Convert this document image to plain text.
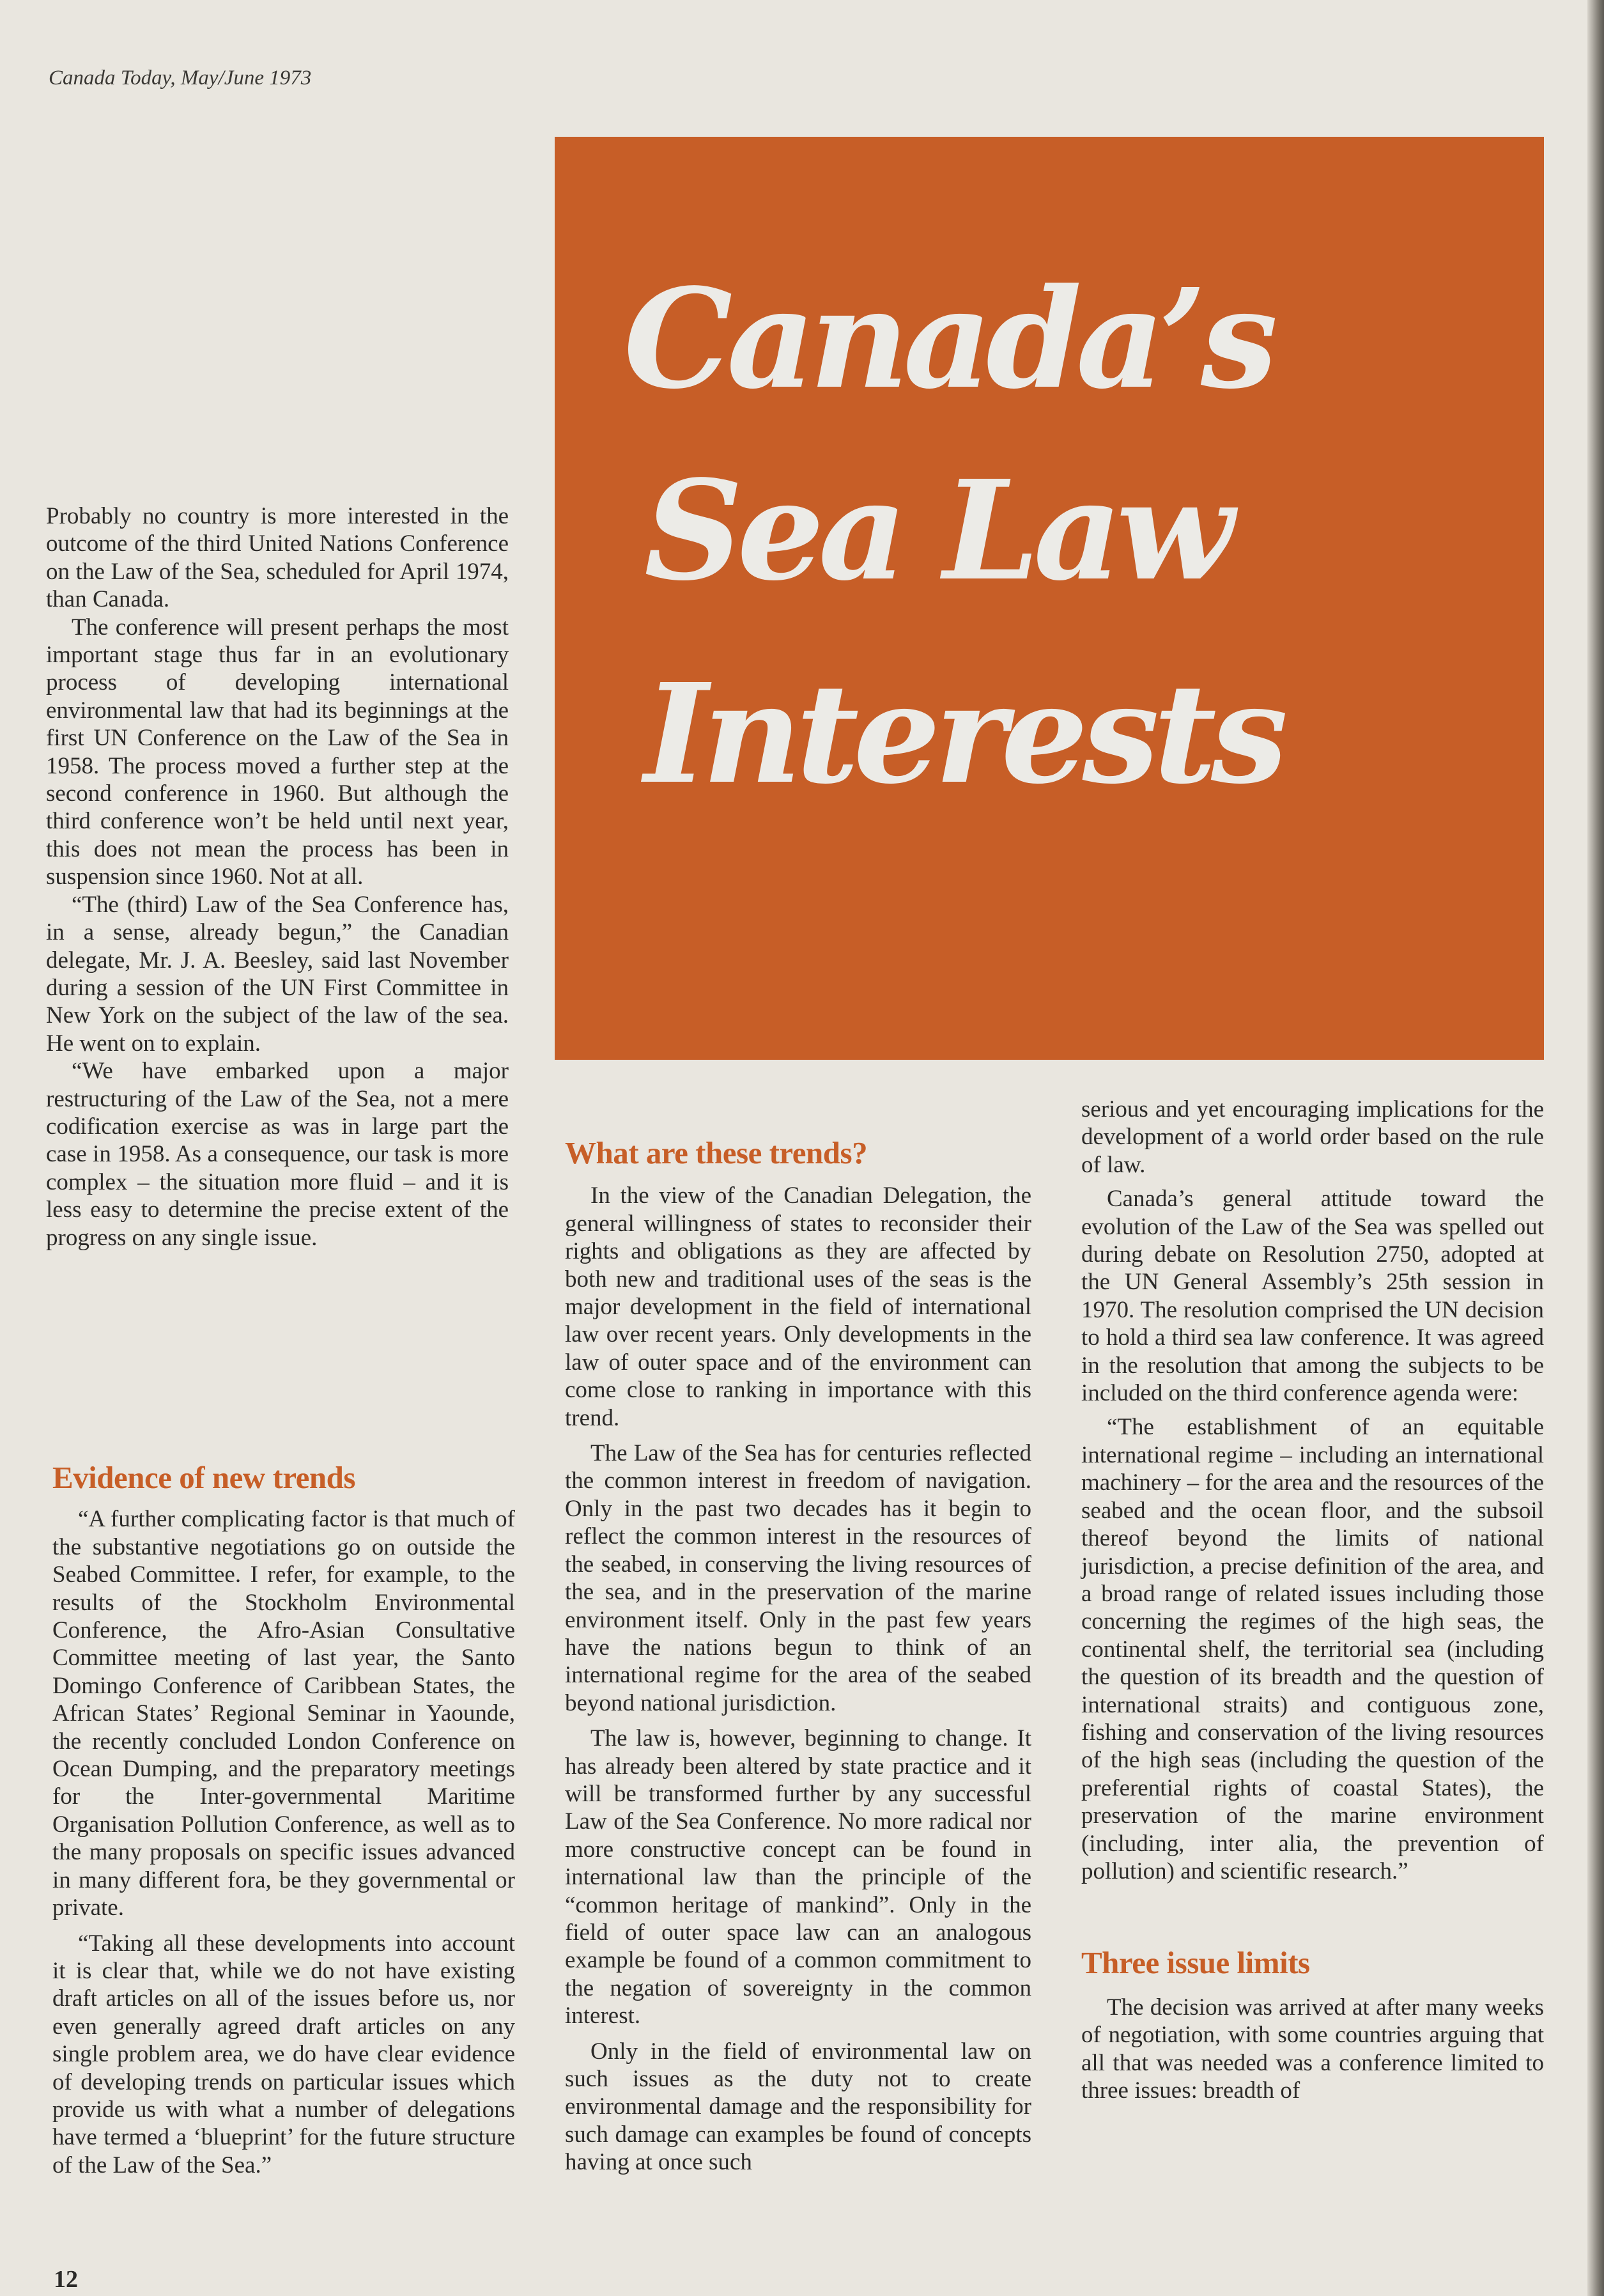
Canada Today, May/June 1973
Canada’s
Sea Law
Interests

Probably no country is more interested in the outcome of the third United Nations Conference on the Law of the Sea, scheduled for April 1974, than Canada.

The conference will present perhaps the most important stage thus far in an evolutionary process of developing international environmental law that had its beginnings at the first UN Conference on the Law of the Sea in 1958. The process moved a further step at the second conference in 1960. But although the third conference won’t be held until next year, this does not mean the process has been in suspension since 1960. Not at all.

“The (third) Law of the Sea Conference has, in a sense, already begun,” the Canadian delegate, Mr. J. A. Beesley, said last November during a session of the UN First Committee in New York on the subject of the law of the sea. He went on to explain.

“We have embarked upon a major restructuring of the Law of the Sea, not a mere codification exercise as was in large part the case in 1958. As a consequence, our task is more complex – the situation more fluid – and it is less easy to determine the precise extent of the progress on any single issue.

Evidence of new trends

“A further complicating factor is that much of the substantive negotiations go on outside the Seabed Committee. I refer, for example, to the results of the Stockholm Environmental Conference, the Afro-Asian Consultative Committee meeting of last year, the Santo Domingo Conference of Caribbean States, the African States’ Regional Seminar in Yaounde, the recently concluded London Conference on Ocean Dumping, and the preparatory meetings for the Inter-governmental Maritime Organisation Pollution Conference, as well as to the many proposals on specific issues advanced in many different fora, be they governmental or private.

“Taking all these developments into account it is clear that, while we do not have existing draft articles on all of the issues before us, nor even generally agreed draft articles on any single problem area, we do have clear evidence of developing trends on particular issues which provide us with what a number of delegations have termed a ‘blueprint’ for the future structure of the Law of the Sea.”

What are these trends?

In the view of the Canadian Delegation, the general willingness of states to reconsider their rights and obligations as they are affected by both new and traditional uses of the seas is the major development in the field of international law over recent years. Only developments in the law of outer space and of the environment can come close to ranking in importance with this trend.

The Law of the Sea has for centuries reflected the common interest in freedom of navigation. Only in the past two decades has it begin to reflect the common interest in the resources of the seabed, in conserving the living resources of the sea, and in the preservation of the marine environment itself. Only in the past few years have the nations begun to think of an international regime for the area of the seabed beyond national jurisdiction.

The law is, however, beginning to change. It has already been altered by state practice and it will be transformed further by any successful Law of the Sea Conference. No more radical nor more constructive concept can be found in international law than the principle of the “common heritage of mankind”. Only in the field of outer space law can an analogous example be found of a common commitment to the negation of sovereignty in the common interest.

Only in the field of environmental law on such issues as the duty not to create environmental damage and the responsibility for such damage can examples be found of concepts having at once such

serious and yet encouraging implications for the development of a world order based on the rule of law.

Canada’s general attitude toward the evolution of the Law of the Sea was spelled out during debate on Resolution 2750, adopted at the UN General Assembly’s 25th session in 1970. The resolution comprised the UN decision to hold a third sea law conference. It was agreed in the resolution that among the subjects to be included on the third conference agenda were:

“The establishment of an equitable international regime – including an international machinery – for the area and the resources of the seabed and the ocean floor, and the subsoil thereof beyond the limits of national jurisdiction, a precise definition of the area, and a broad range of related issues including those concerning the regimes of the high seas, the continental shelf, the territorial sea (including the question of its breadth and the question of international straits) and contiguous zone, fishing and conservation of the living resources of the high seas (including the question of the preferential rights of coastal States), the preservation of the marine environment (including, inter alia, the prevention of pollution) and scientific research.”

Three issue limits

The decision was arrived at after many weeks of negotiation, with some countries arguing that all that was needed was a conference limited to three issues: breadth of

12
